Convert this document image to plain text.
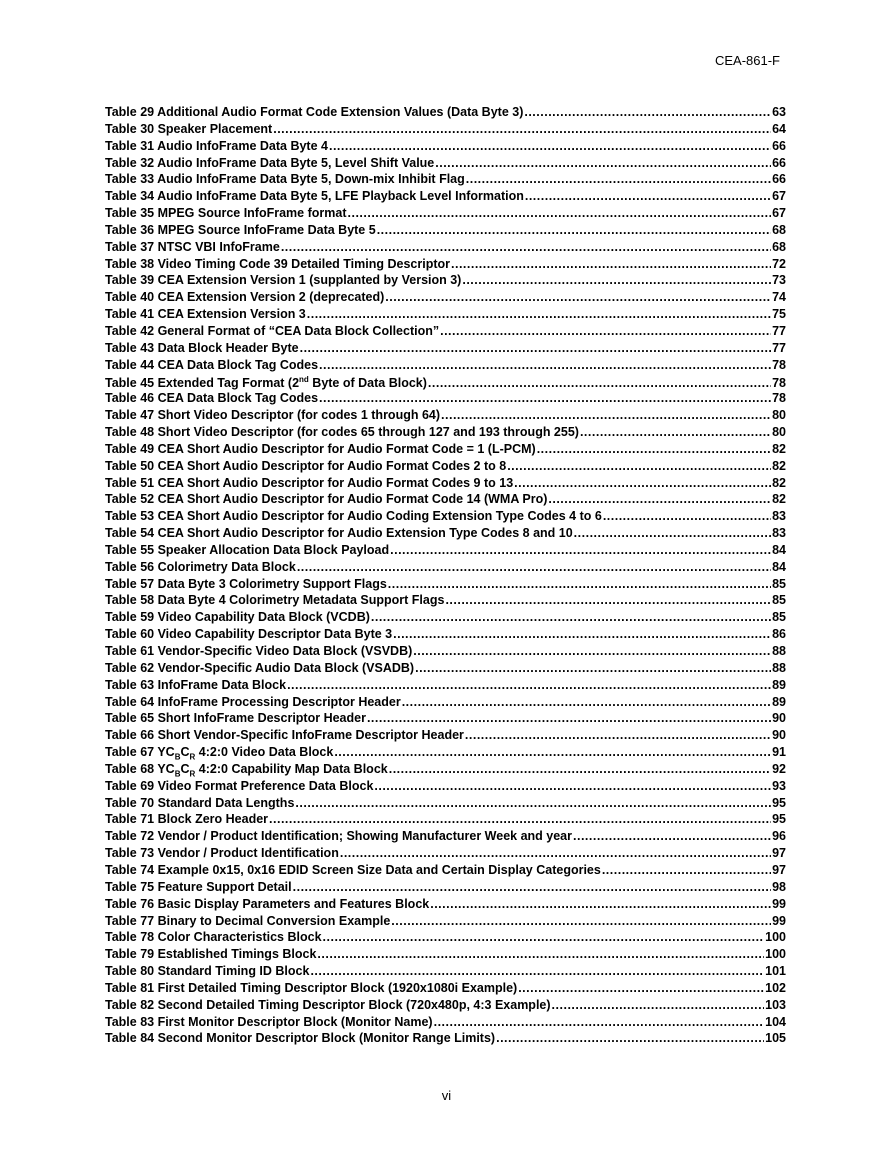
CEA-861-F
Table 29 Additional Audio Format Code Extension Values (Data Byte 3) .....	63
Table 30 Speaker Placement .....	64
Table 31 Audio InfoFrame Data Byte 4 .....	66
Table 32 Audio InfoFrame Data Byte 5, Level Shift Value .....	66
Table 33 Audio InfoFrame Data Byte 5, Down-mix Inhibit Flag .....	66
Table 34 Audio InfoFrame Data Byte 5, LFE Playback Level Information .....	67
Table 35 MPEG Source InfoFrame format .....	67
Table 36 MPEG Source InfoFrame Data Byte 5 .....	68
Table 37 NTSC VBI InfoFrame .....	68
Table 38 Video Timing Code 39 Detailed Timing Descriptor .....	72
Table 39 CEA Extension Version 1 (supplanted by Version 3) .....	73
Table 40 CEA Extension Version 2 (deprecated) .....	74
Table 41 CEA Extension Version 3 .....	75
Table 42 General Format of “CEA Data Block Collection” .....	77
Table 43 Data Block Header Byte .....	77
Table 44 CEA Data Block Tag Codes .....	78
Table 45 Extended Tag Format (2nd Byte of Data Block) .....	78
Table 46 CEA Data Block Tag Codes .....	78
Table 47 Short Video Descriptor (for codes 1 through 64) .....	80
Table 48 Short Video Descriptor (for codes 65 through 127 and 193 through 255) .....	80
Table 49 CEA Short Audio Descriptor for Audio Format Code = 1 (L-PCM) .....	82
Table 50 CEA Short Audio Descriptor for Audio Format Codes 2 to 8 .....	82
Table 51 CEA Short Audio Descriptor for Audio Format Codes 9 to 13 .....	82
Table 52 CEA Short Audio Descriptor for Audio Format Code 14 (WMA Pro) .....	82
Table 53 CEA Short Audio Descriptor for Audio Coding Extension Type Codes 4 to 6 .....	83
Table 54 CEA Short Audio Descriptor for Audio Extension Type Codes 8 and 10 .....	83
Table 55 Speaker Allocation Data Block Payload .....	84
Table 56 Colorimetry Data Block .....	84
Table 57 Data Byte 3 Colorimetry Support Flags .....	85
Table 58 Data Byte 4 Colorimetry Metadata Support Flags .....	85
Table 59 Video Capability Data Block (VCDB) .....	85
Table 60 Video Capability Descriptor Data Byte 3 .....	86
Table 61 Vendor-Specific Video Data Block (VSVDB) .....	88
Table 62 Vendor-Specific Audio Data Block (VSADB) .....	88
Table 63 InfoFrame Data Block .....	89
Table 64 InfoFrame Processing Descriptor Header .....	89
Table 65 Short InfoFrame Descriptor Header .....	90
Table 66 Short Vendor-Specific InfoFrame Descriptor Header .....	90
Table 67 $YC_BC_R$ 4:2:0 Video Data Block .....	91
Table 68 $YC_BC_R$ 4:2:0 Capability Map Data Block .....	92
Table 69 Video Format Preference Data Block .....	93
Table 70 Standard Data Lengths .....	95
Table 71 Block Zero Header .....	95
Table 72 Vendor / Product Identification; Showing Manufacturer Week and year .....	96
Table 73 Vendor / Product Identification .....	97
Table 74 Example 0x15, 0x16 EDID Screen Size Data and Certain Display Categories .....	97
Table 75 Feature Support Detail .....	98
Table 76 Basic Display Parameters and Features Block .....	99
Table 77 Binary to Decimal Conversion Example .....	99
Table 78 Color Characteristics Block .....	100
Table 79 Established Timings Block .....	100
Table 80 Standard Timing ID Block .....	101
Table 81 First Detailed Timing Descriptor Block (1920x1080i Example) .....	102
Table 82 Second Detailed Timing Descriptor Block (720x480p, 4:3 Example) .....	103
Table 83 First Monitor Descriptor Block (Monitor Name) .....	104
Table 84 Second Monitor Descriptor Block (Monitor Range Limits) .....	105
vi
